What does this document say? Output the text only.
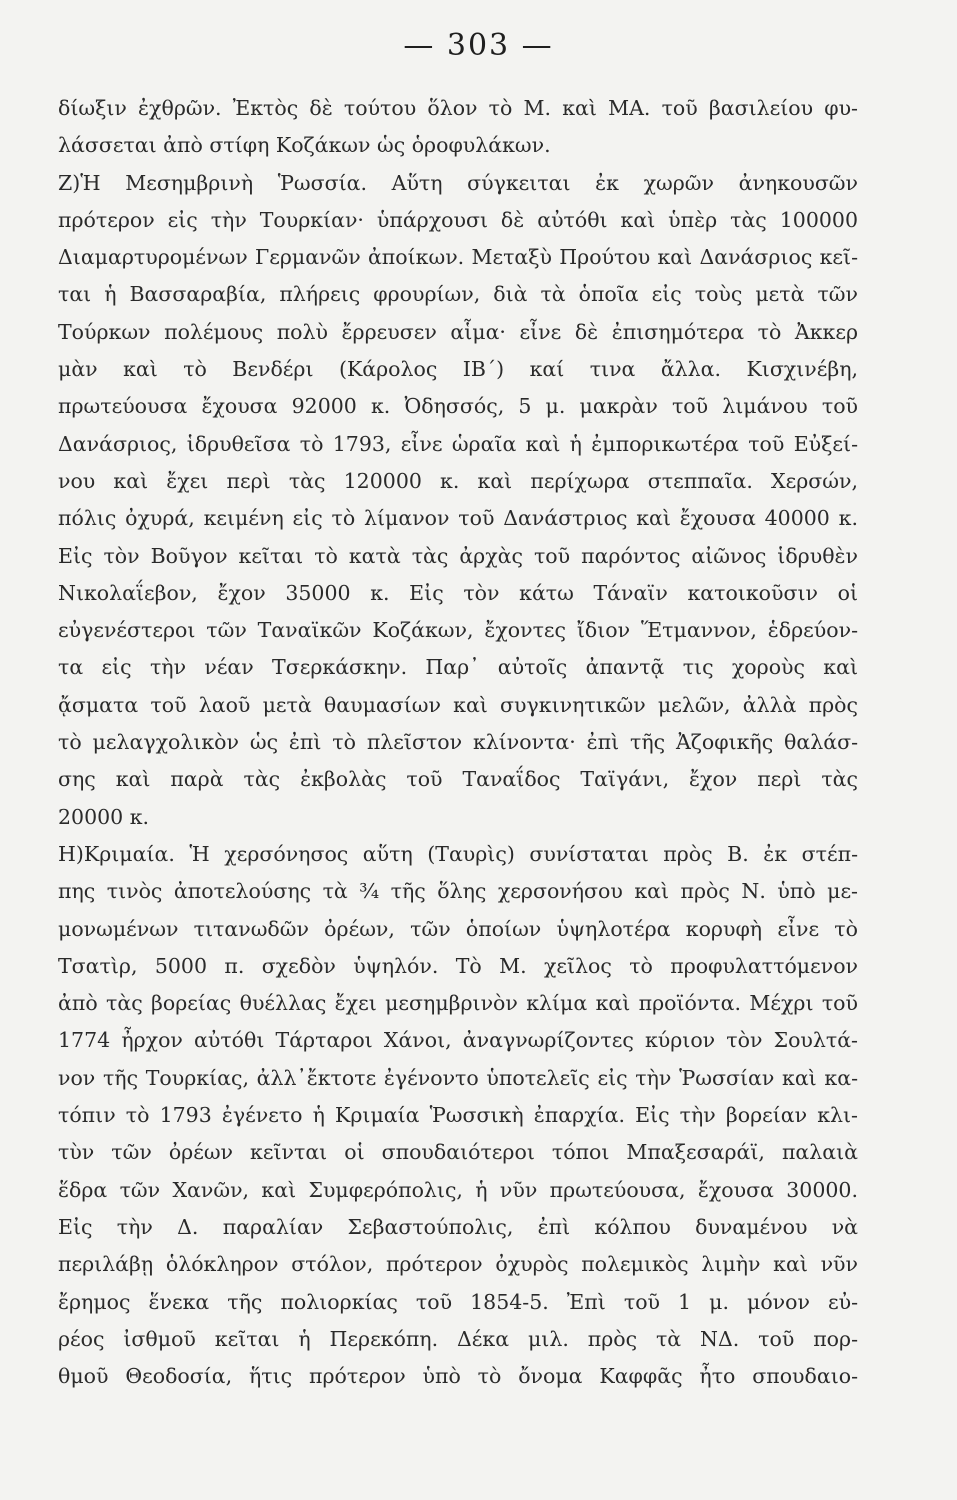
— 303 —
δίωξιν ἐχθρῶν. Ἐκτὸς δὲ τούτου ὅλον τὸ Μ. καὶ ΜΑ. τοῦ βασιλείου φυ-
λάσσεται ἀπὸ στίφη Κοζάκων ὡς ὁροφυλάκων.
Ζ)Ἡ Μεσημβρινὴ Ῥωσσία. Αὕτη σύγκειται ἐκ χωρῶν ἀνηκουσῶν
πρότερον εἰς τὴν Τουρκίαν· ὑπάρχουσι δὲ αὐτόθι καὶ ὑπὲρ τὰς 100000
Διαμαρτυρομένων Γερμανῶν ἀποίκων. Μεταξὺ Προύτου καὶ Δανάσριος κεῖ-
ται ἡ Βασσαραβία, πλήρεις φρουρίων, διὰ τὰ ὁποῖα εἰς τοὺς μετὰ τῶν
Τούρκων πολέμους πολὺ ἔρρευσεν αἷμα· εἶνε δὲ ἐπισημότερα τὸ Ἀκκερ
μὰν καὶ τὸ Βενδέρι (Κάρολος ΙΒ΄) καί τινα ἄλλα. Κισχινέβη,
πρωτεύουσα ἔχουσα 92000 κ. Ὀδησσός, 5 μ. μακρὰν τοῦ λιμάνου τοῦ
Δανάσριος, ἱδρυθεῖσα τὸ 1793, εἶνε ὡραῖα καὶ ἡ ἐμπορικωτέρα τοῦ Εὐξεί-
νου καὶ ἔχει περὶ τὰς 120000 κ. καὶ περίχωρα στεππαῖα. Χερσών,
πόλις ὀχυρά, κειμένη εἰς τὸ λίμανον τοῦ Δανάστριος καὶ ἔχουσα 40000 κ.
Εἰς τὸν Βοῦγον κεῖται τὸ κατὰ τὰς ἀρχὰς τοῦ παρόντος αἰῶνος ἱδρυθὲν
Νικολαΐεβον, ἔχον 35000 κ. Εἰς τὸν κάτω Τάναϊν κατοικοῦσιν οἱ
εὐγενέστεροι τῶν Ταναϊκῶν Κοζάκων, ἔχοντες ἴδιον Ἕτμαννον, ἑδρεύον-
τα εἰς τὴν νέαν Τσερκάσκην. Παρ᾽ αὐτοῖς ἀπαντᾷ τις χοροὺς καὶ
ᾄσματα τοῦ λαοῦ μετὰ θαυμασίων καὶ συγκινητικῶν μελῶν, ἀλλὰ πρὸς
τὸ μελαγχολικὸν ὡς ἐπὶ τὸ πλεῖστον κλίνοντα· ἐπὶ τῆς Ἀζοφικῆς θαλάσ-
σης καὶ παρὰ τὰς ἐκβολὰς τοῦ Ταναΐδος Ταϊγάνι, ἔχον περὶ τὰς
20000 κ.
Η)Κριμαία. Ἡ χερσόνησος αὕτη (Ταυρὶς) συνίσταται πρὸς Β. ἐκ στέπ-
πης τινὸς ἀποτελούσης τὰ ¾ τῆς ὅλης χερσονήσου καὶ πρὸς Ν. ὑπὸ με-
μονωμένων τιτανωδῶν ὀρέων, τῶν ὁποίων ὑψηλοτέρα κορυφὴ εἶνε τὸ
Τσατὶρ, 5000 π. σχεδὸν ὑψηλόν. Τὸ Μ. χεῖλος τὸ προφυλαττόμενον
ἀπὸ τὰς βορείας θυέλλας ἔχει μεσημβρινὸν κλίμα καὶ προϊόντα. Μέχρι τοῦ
1774 ἦρχον αὐτόθι Τάρταροι Χάνοι, ἀναγνωρίζοντες κύριον τὸν Σουλτά-
νον τῆς Τουρκίας, ἀλλ᾽ἔκτοτε ἐγένοντο ὑποτελεῖς εἰς τὴν Ῥωσσίαν καὶ κα-
τόπιν τὸ 1793 ἐγένετο ἡ Κριμαία Ῥωσσικὴ ἐπαρχία. Εἰς τὴν βορείαν κλι-
τὺν τῶν ὀρέων κεῖνται οἱ σπουδαιότεροι τόποι Μπαξεσαράϊ, παλαιὰ
ἕδρα τῶν Χανῶν, καὶ Συμφερόπολις, ἡ νῦν πρωτεύουσα, ἔχουσα 30000.
Εἰς τὴν Δ. παραλίαν Σεβαστούπολις, ἐπὶ κόλπου δυναμένου νὰ
περιλάβῃ ὁλόκληρον στόλον, πρότερον ὀχυρὸς πολεμικὸς λιμὴν καὶ νῦν
ἔρημος ἕνεκα τῆς πολιορκίας τοῦ 1854-5. Ἐπὶ τοῦ 1 μ. μόνον εὐ-
ρέος ἰσθμοῦ κεῖται ἡ Περεκόπη. Δέκα μιλ. πρὸς τὰ ΝΔ. τοῦ πορ-
θμοῦ Θεοδοσία, ἥτις πρότερον ὑπὸ τὸ ὄνομα Καφφᾶς ἦτο σπουδαιο-
